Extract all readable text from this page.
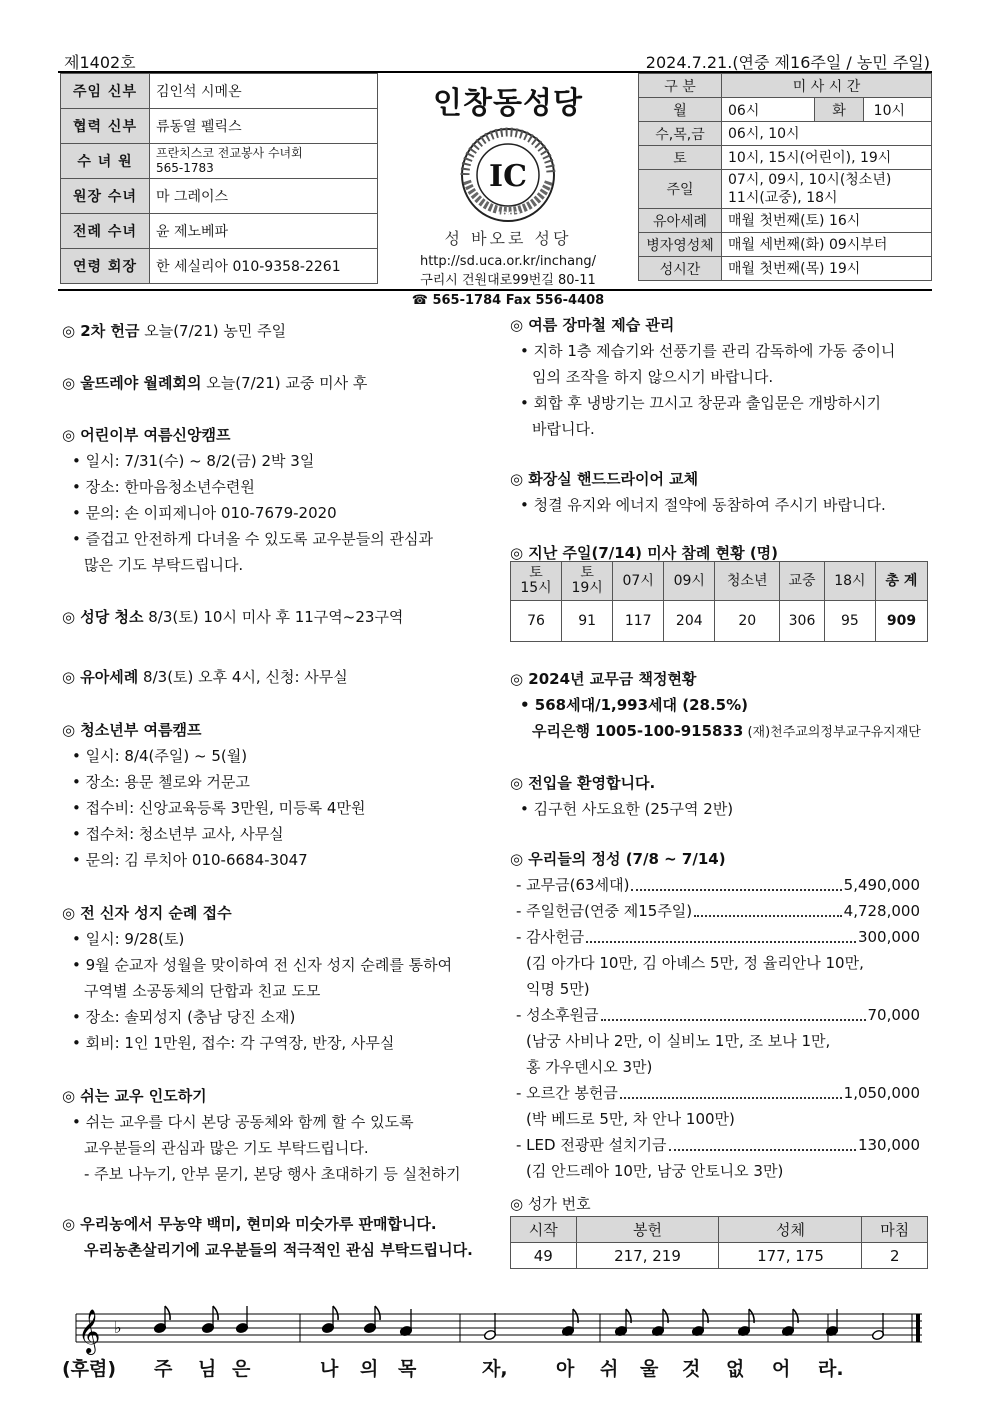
제1402호	2024.7.21.(연중 제16주일 / 농민 주일)
주임 신부	김인석 시메온
협력 신부	류동열 펠릭스
수 녀 원	프란치스코 전교봉사 수녀회
565-1783
원장 수녀	마 그레이스
전례 수녀	윤 제노베파
연령 회장	한 세실리아 010-9358-2261
인창동성당
IC
1997
성 바오로 성당
http://sd.uca.or.kr/inchang/
구리시 건원대로99번길 80-11
☎ 565-1784 Fax 556-4408
구 분	미 사 시 간		
월	06시	화	10시
수,목,금	06시, 10시		
토	10시, 15시(어린이), 19시		
주일	07시, 09시, 10시(청소년)
11시(교중), 18시		
유아세례	매월 첫번째(토) 16시		
병자영성체	매월 세번째(화) 09시부터		
성시간	매월 첫번째(목) 19시		
◎ 2차 헌금 오늘(7/21) 농민 주일
◎ 울뜨레야 월례회의 오늘(7/21) 교중 미사 후
◎ 어린이부 여름신앙캠프
• 일시: 7/31(수) ~ 8/2(금) 2박 3일
• 장소: 한마음청소년수련원
• 문의: 손 이피제니아 010-7679-2020
• 즐겁고 안전하게 다녀올 수 있도록 교우분들의 관심과
많은 기도 부탁드립니다.
◎ 성당 청소 8/3(토) 10시 미사 후 11구역~23구역
◎ 유아세례 8/3(토) 오후 4시, 신청: 사무실
◎ 청소년부 여름캠프
• 일시: 8/4(주일) ~ 5(월)
• 장소: 용문 첼로와 거문고
• 접수비: 신앙교육등록 3만원, 미등록 4만원
• 접수처: 청소년부 교사, 사무실
• 문의: 김 루치아 010-6684-3047
◎ 전 신자 성지 순례 접수
• 일시: 9/28(토)
• 9월 순교자 성월을 맞이하여 전 신자 성지 순례를 통하여
구역별 소공동체의 단합과 친교 도모
• 장소: 솔뫼성지 (충남 당진 소재)
• 회비: 1인 1만원, 접수: 각 구역장, 반장, 사무실
◎ 쉬는 교우 인도하기
• 쉬는 교우를 다시 본당 공동체와 함께 할 수 있도록
교우분들의 관심과 많은 기도 부탁드립니다.
- 주보 나누기, 안부 묻기, 본당 행사 초대하기 등 실천하기
◎ 우리농에서 무농약 백미, 현미와 미숫가루 판매합니다.
우리농촌살리기에 교우분들의 적극적인 관심 부탁드립니다.
◎ 여름 장마철 제습 관리
• 지하 1층 제습기와 선풍기를 관리 감독하에 가동 중이니
임의 조작을 하지 않으시기 바랍니다.
• 회합 후 냉방기는 끄시고 창문과 출입문은 개방하시기
바랍니다.
◎ 화장실 핸드드라이어 교체
• 청결 유지와 에너지 절약에 동참하여 주시기 바랍니다.
◎ 지난 주일(7/14) 미사 참례 현황 (명)
토
15시	토
19시	07시	09시	청소년	교중	18시	총 계
76	91	117	204	20	306	95	909
◎ 2024년 교무금 책정현황
• 568세대/1,993세대 (28.5%)
우리은행 1005-100-915833 (재)천주교의정부교구유지재단
◎ 전입을 환영합니다.
• 김구헌 사도요한 (25구역 2반)
◎ 우리들의 정성 (7/8 ~ 7/14)
- 교무금(63세대)	5,490,000
- 주일헌금(연중 제15주일)	4,728,000
- 감사헌금	300,000
(김 아가다 10만, 김 아녜스 5만, 정 율리안나 10만,
익명 5만)
- 성소후원금	70,000
(남궁 사비나 2만, 이 실비노 1만, 조 보나 1만,
홍 가우덴시오 3만)
- 오르간 봉헌금	1,050,000
(박 베드로 5만, 차 안나 100만)
- LED 전광판 설치기금	130,000
(김 안드레아 10만, 남궁 안토니오 3만)
◎ 성가 번호
시작	봉헌	성체	마침
49	217, 219	177, 175	2
𝄞 ♭
(후렴) 주 님 은	나 의 목	자,	아 쉬 울 것 없 어 라.
